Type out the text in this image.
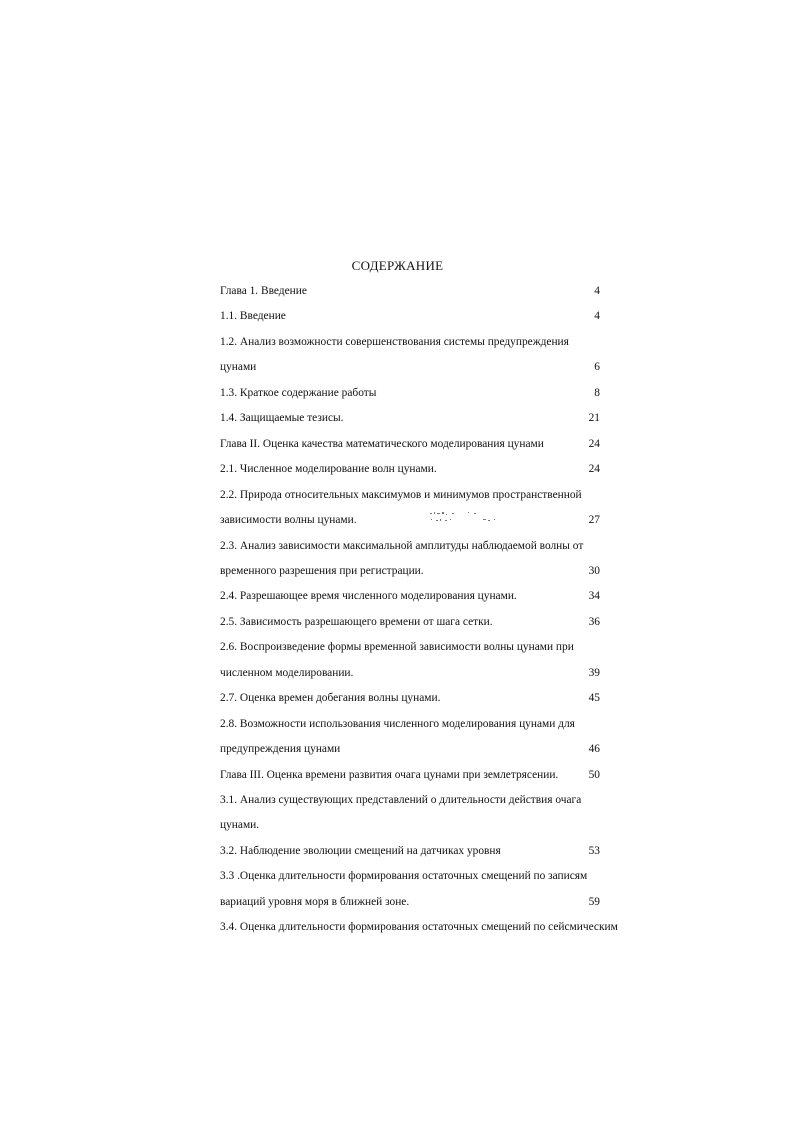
СОДЕРЖАНИЕ
Глава 1. Введение	4
1.1. Введение	4
1.2. Анализ возможности совершенствования системы предупреждения
цунами	6
1.3. Краткое содержание работы	8
1.4. Защищаемые тезисы.	21
Глава II. Оценка качества математического моделирования цунами	24
2.1. Численное моделирование волн цунами.	24
2.2. Природа относительных максимумов и минимумов пространственной
зависимости волны цунами.	27
2.3. Анализ зависимости максимальной амплитуды наблюдаемой волны от
временного разрешения при регистрации.	30
2.4. Разрешающее время численного моделирования цунами.	34
2.5. Зависимость разрешающего времени от шага сетки.	36
2.6. Воспроизведение формы временной зависимости волны цунами при
численном моделировании.	39
2.7. Оценка времен добегания волны цунами.	45
2.8. Возможности использования численного моделирования цунами для
предупреждения цунами	46
Глава III. Оценка времени развития очага цунами при землетрясении.	50
3.1. Анализ существующих представлений о длительности действия очага
цунами.
3.2. Наблюдение эволюции смещений на датчиках уровня	53
3.3 .Оценка длительности формирования остаточных смещений по записям
вариаций уровня моря в ближней зоне.	59
3.4. Оценка длительности формирования остаточных смещений по сейсмическим
